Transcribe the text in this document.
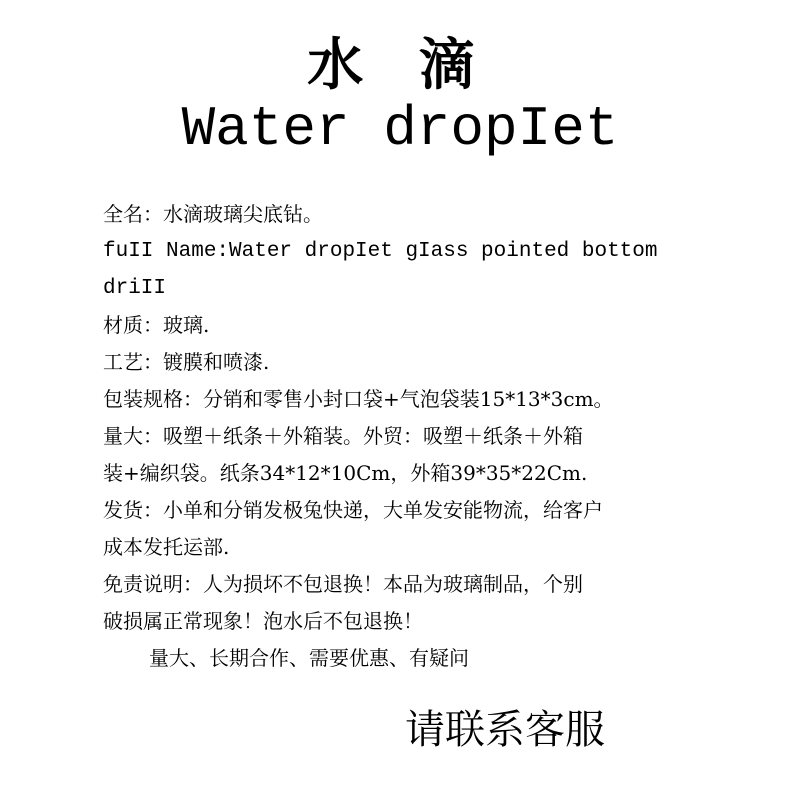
水 滴
Water dropIet
全名：水滴玻璃尖底钻。
fuII Name:Water dropIet gIass pointed bottom
driII
材质：玻璃.
工艺：镀膜和喷漆.
包装规格：分销和零售小封口袋+气泡袋装15*13*3cm。
量大：吸塑＋纸条＋外箱装。外贸：吸塑＋纸条＋外箱
装+编织袋。纸条34*12*10Cm，外箱39*35*22Cm.
发货：小单和分销发极兔快递，大单发安能物流，给客户
成本发托运部.
免责说明：人为损坏不包退换！本品为玻璃制品，个别
破损属正常现象！泡水后不包退换！
量大、长期合作、需要优惠、有疑问
请联系客服
